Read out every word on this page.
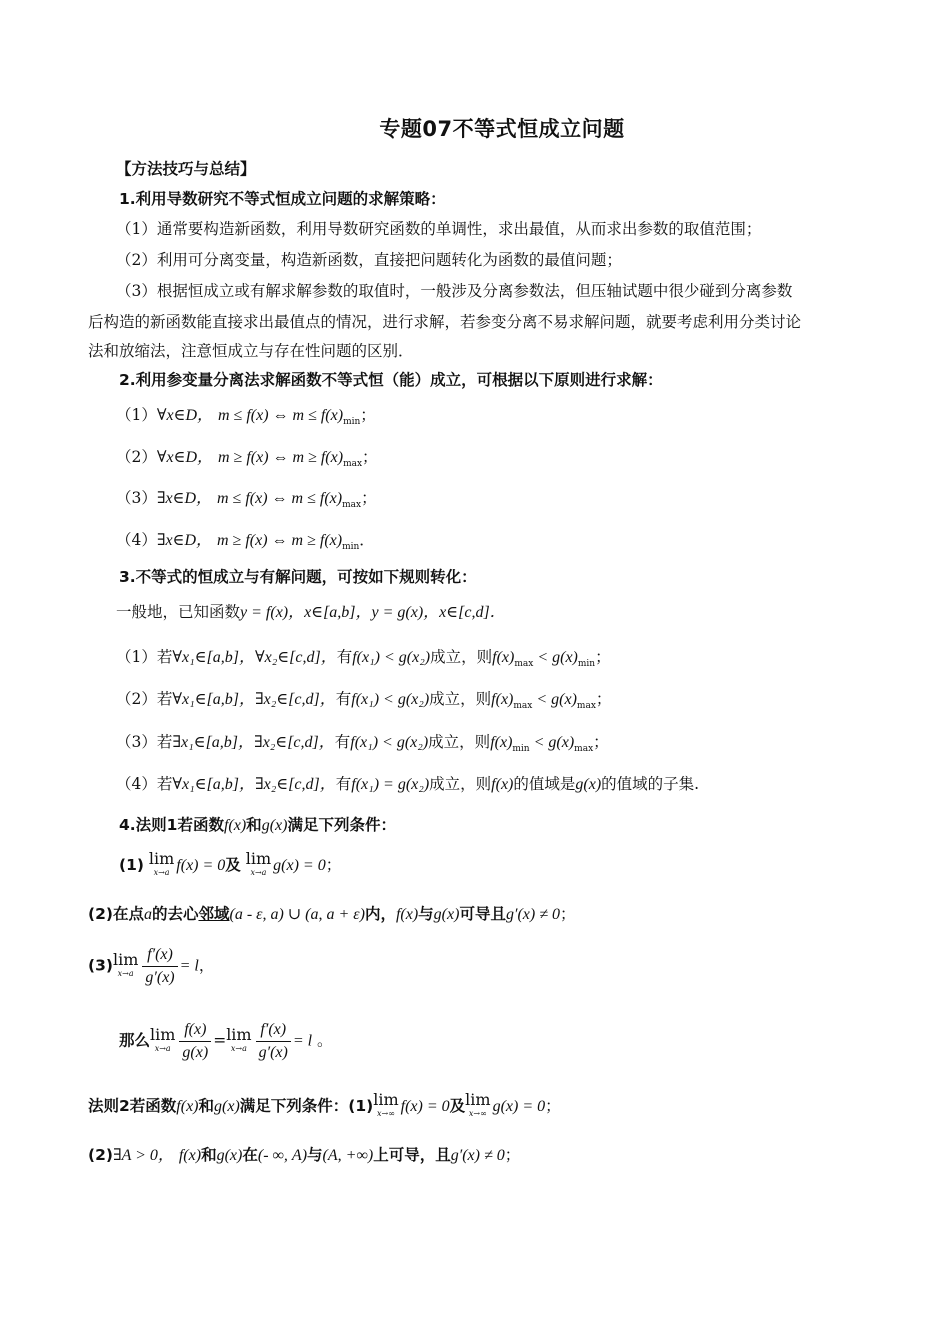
专题07不等式恒成立问题
【方法技巧与总结】
1.利用导数研究不等式恒成立问题的求解策略：
（1）通常要构造新函数，利用导数研究函数的单调性，求出最值，从而求出参数的取值范围；
（2）利用可分离变量，构造新函数，直接把问题转化为函数的最值问题；
（3）根据恒成立或有解求解参数的取值时，一般涉及分离参数法，但压轴试题中很少碰到分离参数
后构造的新函数能直接求出最值点的情况，进行求解，若参变分离不易求解问题，就要考虑利用分类讨论
法和放缩法，注意恒成立与存在性问题的区别．
2.利用参变量分离法求解函数不等式恒（能）成立，可根据以下原则进行求解：
（1）∀x∈D， m ≤ f(x) ⇔ $m \le f(x)_{min}$；
（2）∀x∈D， m ≥ f(x) ⇔ $m \ge f(x)_{max}$；
（3）∃x∈D， m ≤ f(x) ⇔ $m \le f(x)_{max}$；
（4）∃x∈D， m ≥ f(x) ⇔ $m \ge f(x)_{min}$．
3.不等式的恒成立与有解问题，可按如下规则转化：
一般地，已知函数y = f(x)，x∈[a,b]，y = g(x)，x∈[c,d]．
（1）若∀x₁∈[a,b]，∀x₂∈[c,d]，有f(x₁) < g(x₂)成立，则$f(x)_{max} < g(x)_{min}$；
（2）若∀x₁∈[a,b]，∃x₂∈[c,d]，有f(x₁) < g(x₂)成立，则$f(x)_{max} < g(x)_{max}$；
（3）若∃x₁∈[a,b]，∃x₂∈[c,d]，有f(x₁) < g(x₂)成立，则$f(x)_{min} < g(x)_{max}$；
（4）若∀x₁∈[a,b]，∃x₂∈[c,d]，有f(x₁) = g(x₂)成立，则f(x)的值域是g(x)的值域的子集.
4.法则1若函数f(x)和g(x)满足下列条件：
(1) lim
x→a f(x) = 0及 lim
x→a g(x) = 0；
(2)在点a的去心邻域(a - ε, a) ∪ (a, a + ε)内，f(x)与g(x)可导且g′(x) ≠ 0；
(3) lim
$x\to a \frac{f'(x)}{g'(x)} = l$，
那么 lim
$x\to a \frac{f(x)}{g(x)} = \lim$
$x\to a \frac{f'(x)}{g'(x)} = l$ 。
法则2若函数f(x)和g(x)满足下列条件：(1) lim
x→∞ f(x) = 0及 lim
x→∞ g(x) = 0；
(2)∃A > 0， f(x)和g(x)在(- ∞, A)与(A, +∞)上可导，且g′(x) ≠ 0；
